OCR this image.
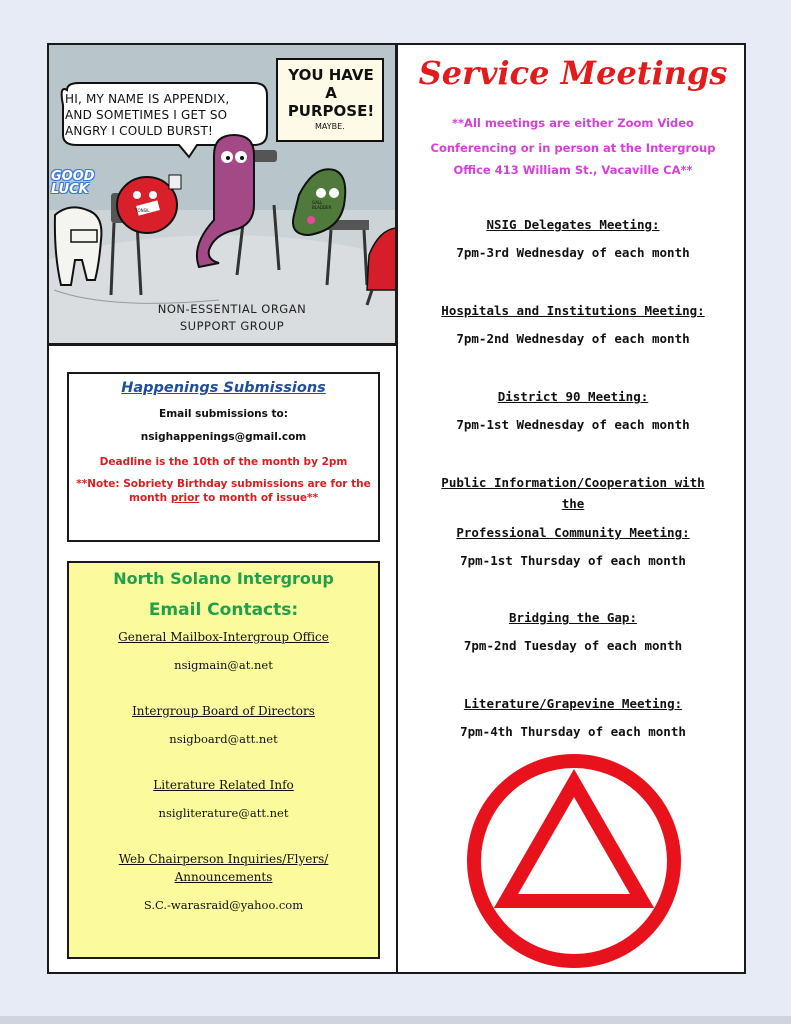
HI, MY NAME IS APPENDIX,
AND SOMETIMES I GET SO
ANGRY I COULD BURST!
YOU HAVE
A
PURPOSE!
MAYBE.
GOOD LUCK
TONSIL
GALL BLADDER
NON-ESSENTIAL ORGAN
SUPPORT GROUP
Happenings Submissions
Email submissions to:
nsighappenings@gmail.com
Deadline is the 10th of the month by 2pm
**Note: Sobriety Birthday submissions are for the
month prior to month of issue**
North Solano Intergroup
Email Contacts:
General Mailbox-Intergroup Office
nsigmain@at.net
Intergroup Board of Directors
nsigboard@att.net
Literature Related Info
nsigliterature@att.net
Web Chairperson Inquiries/Flyers/
Announcements
S.C.-warasraid@yahoo.com
Service Meetings
**All meetings are either Zoom Video
Conferencing or in person at the Intergroup
Office 413 William St., Vacaville CA**
NSIG Delegates Meeting:
7pm-3rd Wednesday of each month
Hospitals and Institutions Meeting:
7pm-2nd Wednesday of each month
District 90 Meeting:
7pm-1st Wednesday of each month
Public Information/Cooperation with
the
Professional Community Meeting:
7pm-1st Thursday of each month
Bridging the Gap:
7pm-2nd Tuesday of each month
Literature/Grapevine Meeting:
7pm-4th Thursday of each month
